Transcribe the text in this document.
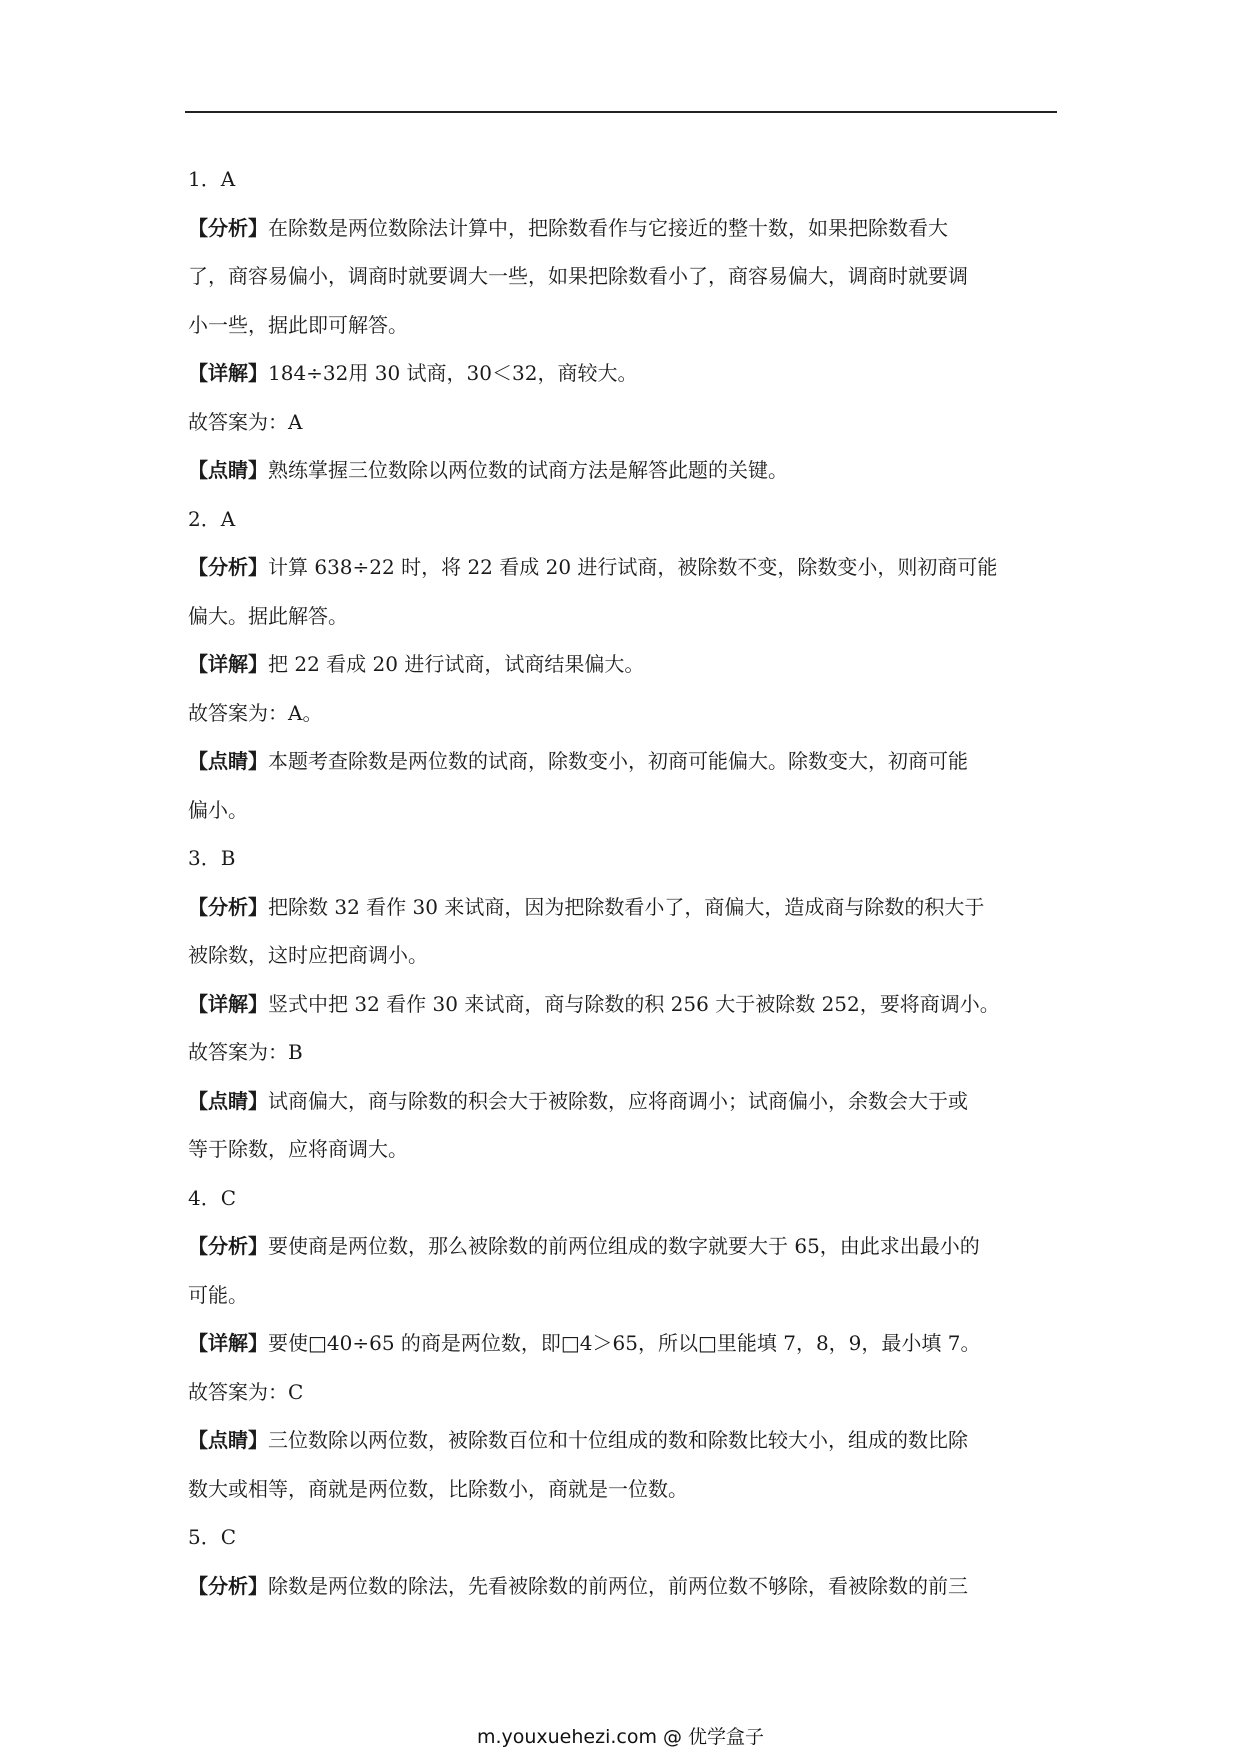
1．A
【分析】在除数是两位数除法计算中，把除数看作与它接近的整十数，如果把除数看大
了，商容易偏小，调商时就要调大一些，如果把除数看小了，商容易偏大，调商时就要调
小一些，据此即可解答。
【详解】184÷32用 30 试商，30＜32，商较大。
故答案为：A
【点睛】熟练掌握三位数除以两位数的试商方法是解答此题的关键。
2．A
【分析】计算 638÷22 时，将 22 看成 20 进行试商，被除数不变，除数变小，则初商可能
偏大。据此解答。
【详解】把 22 看成 20 进行试商，试商结果偏大。
故答案为：A。
【点睛】本题考查除数是两位数的试商，除数变小，初商可能偏大。除数变大，初商可能
偏小。
3．B
【分析】把除数 32 看作 30 来试商，因为把除数看小了，商偏大，造成商与除数的积大于
被除数，这时应把商调小。
【详解】竖式中把 32 看作 30 来试商，商与除数的积 256 大于被除数 252，要将商调小。
故答案为：B
【点睛】试商偏大，商与除数的积会大于被除数，应将商调小；试商偏小，余数会大于或
等于除数，应将商调大。
4．C
【分析】要使商是两位数，那么被除数的前两位组成的数字就要大于 65，由此求出最小的
可能。
【详解】要使□40÷65 的商是两位数，即□4＞65，所以□里能填 7，8，9，最小填 7。
故答案为：C
【点睛】三位数除以两位数，被除数百位和十位组成的数和除数比较大小，组成的数比除
数大或相等，商就是两位数，比除数小，商就是一位数。
5．C
【分析】除数是两位数的除法，先看被除数的前两位，前两位数不够除，看被除数的前三
m.youxuehezi.com @ 优学盒子
